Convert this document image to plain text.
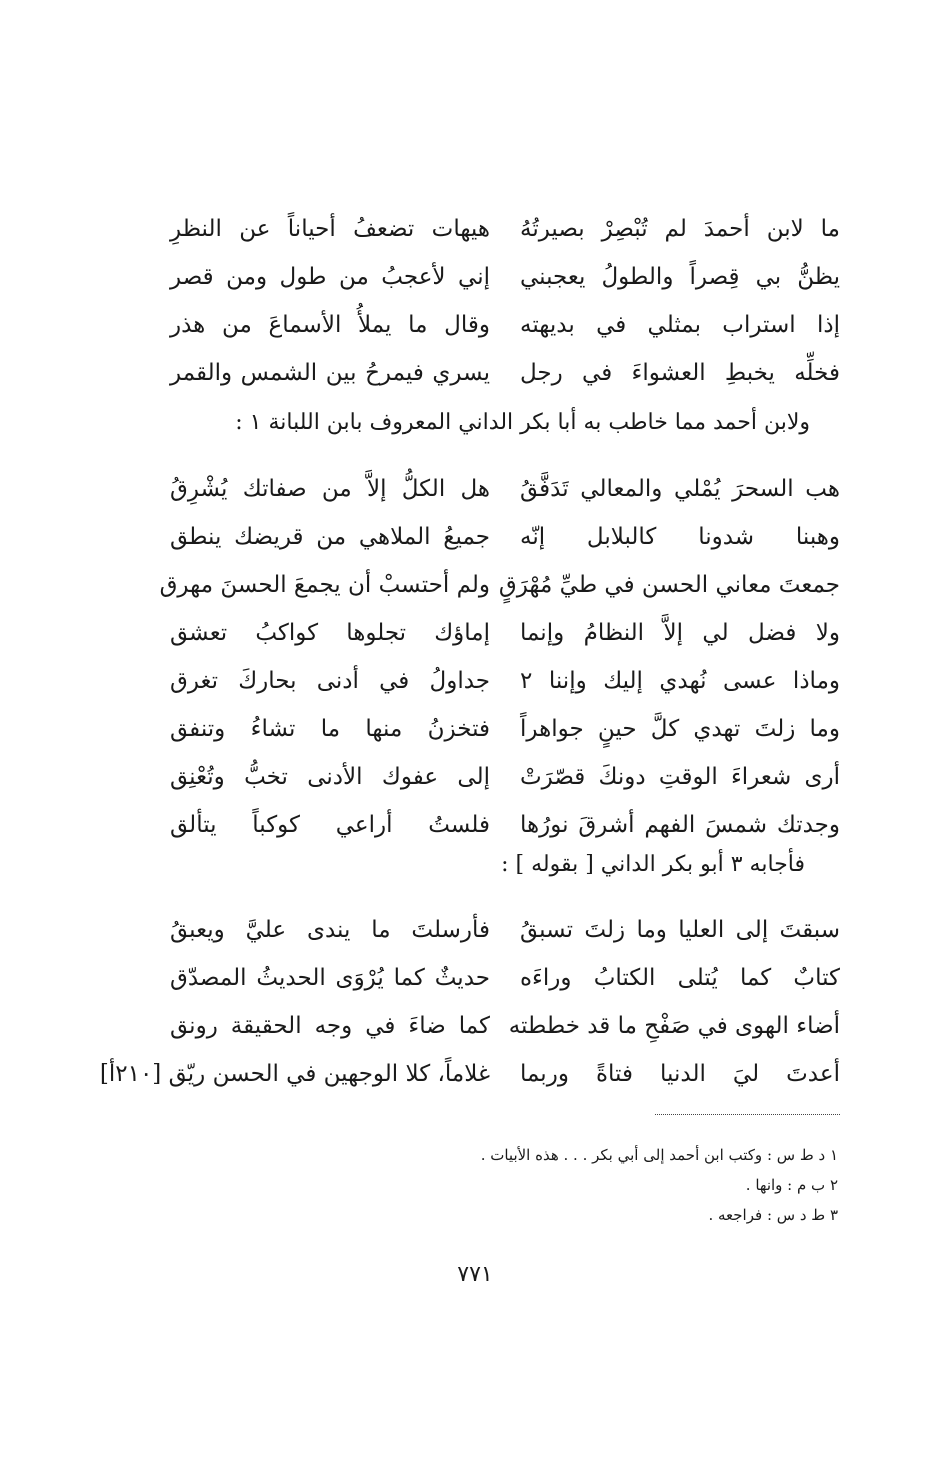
ما لابن أحمدَ لم تُبْصِرْ بصيرتُهُ
هيهات تضعفُ أحياناً عن النظرِ
يظنُّ بي قِصراً والطولُ يعجبني
إني لأعجبُ من طول ومن قصر
إذا استراب بمثلي في بديهته
وقال ما يملأُ الأسماعَ من هذر
فخلِّه يخبطِ العشواءَ في رجل
يسري فيمرحُ بين الشمس والقمر
ولابن أحمد مما خاطب به أبا بكر الداني المعروف بابن اللبانة ١ :
هب السحرَ يُمْلي والمعالي تَدَفَّقُ
هل الكلُّ إلاَّ من صفاتك يُشْرِقُ
وهبنا شدونا كالبلابل إنّه
جميعُ الملاهي من قريضك ينطق
جمعتَ معاني الحسن في طيِّ مُهْرَقٍ
ولم أحتسبْ أن يجمعَ الحسنَ مهرق
ولا فضل لي إلاَّ النظامُ وإنما
إماؤك تجلوها كواكبُ تعشق
وماذا عسى نُهدي إليك وإننا ٢
جداولُ في أدنى بحاركَ تغرق
وما زلتَ تهدي كلَّ حينٍ جواهراً
فتخزنُ منها ما تشاءُ وتنفق
أرى شعراءَ الوقتِ دونكَ قصّرَتْ
إلى عفوك الأدنى تخبُّ وتُعْنِق
وجدتك شمسَ الفهم أشرقَ نورُها
فلستُ أراعي كوكباً يتألق
فأجابه ٣ أبو بكر الداني [ بقوله ] :
سبقتَ إلى العليا وما زلتَ تسبقُ
فأرسلتَ ما يندى عليَّ ويعبقُ
كتابٌ كما يُتلى الكتابُ وراءَه
حديثٌ كما يُرْوَى الحديثُ المصدّق
أضاء الهوى في صَفْحِ ما قد خططته
كما ضاءَ في وجه الحقيقة رونق
أعدتَ ليَ الدنيا فتاةً وربما
غلاماً، كلا الوجهين في الحسن ريّق [٢١٠أ]
١ د ط س : وكتب ابن أحمد إلى أبي بكر . . . هذه الأبيات .
٢ ب م : وانها .
٣ ط د س : فراجعه .
٧٧١
